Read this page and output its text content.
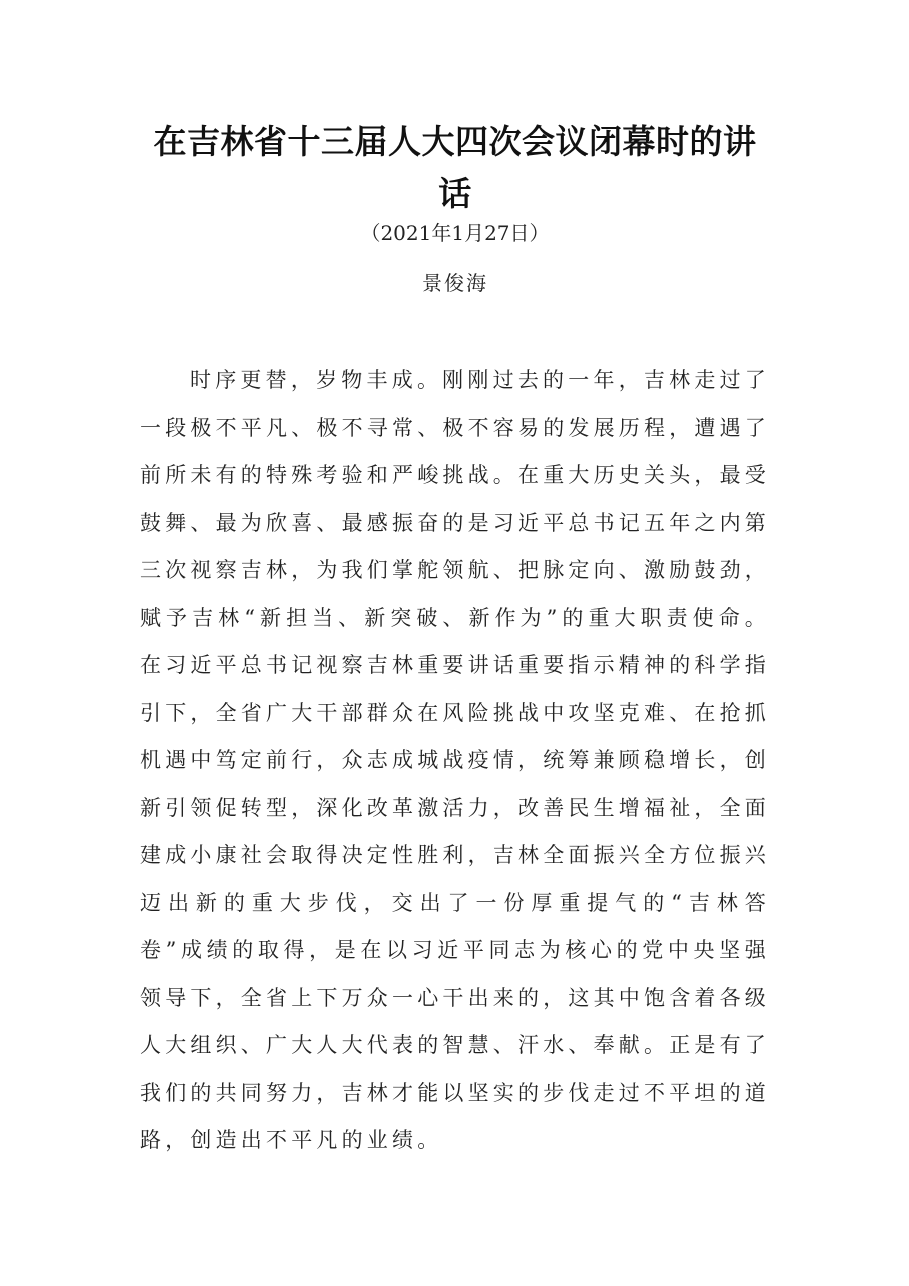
在吉林省十三届人大四次会议闭幕时的讲话
（2021年1月27日）
景俊海

时序更替，岁物丰成。刚刚过去的一年，吉林走过了一段极不平凡、极不寻常、极不容易的发展历程，遭遇了前所未有的特殊考验和严峻挑战。在重大历史关头，最受鼓舞、最为欣喜、最感振奋的是习近平总书记五年之内第三次视察吉林，为我们掌舵领航、把脉定向、激励鼓劲，赋予吉林“新担当、新突破、新作为”的重大职责使命。在习近平总书记视察吉林重要讲话重要指示精神的科学指引下，全省广大干部群众在风险挑战中攻坚克难、在抢抓机遇中笃定前行，众志成城战疫情，统筹兼顾稳增长，创新引领促转型，深化改革激活力，改善民生增福祉，全面建成小康社会取得决定性胜利，吉林全面振兴全方位振兴迈出新的重大步伐，交出了一份厚重提气的“吉林答卷”成绩的取得，是在以习近平同志为核心的党中央坚强领导下，全省上下万众一心干出来的，这其中饱含着各级人大组织、广大人大代表的智慧、汗水、奉献。正是有了我们的共同努力，吉林才能以坚实的步伐走过不平坦的道路，创造出不平凡的业绩。
